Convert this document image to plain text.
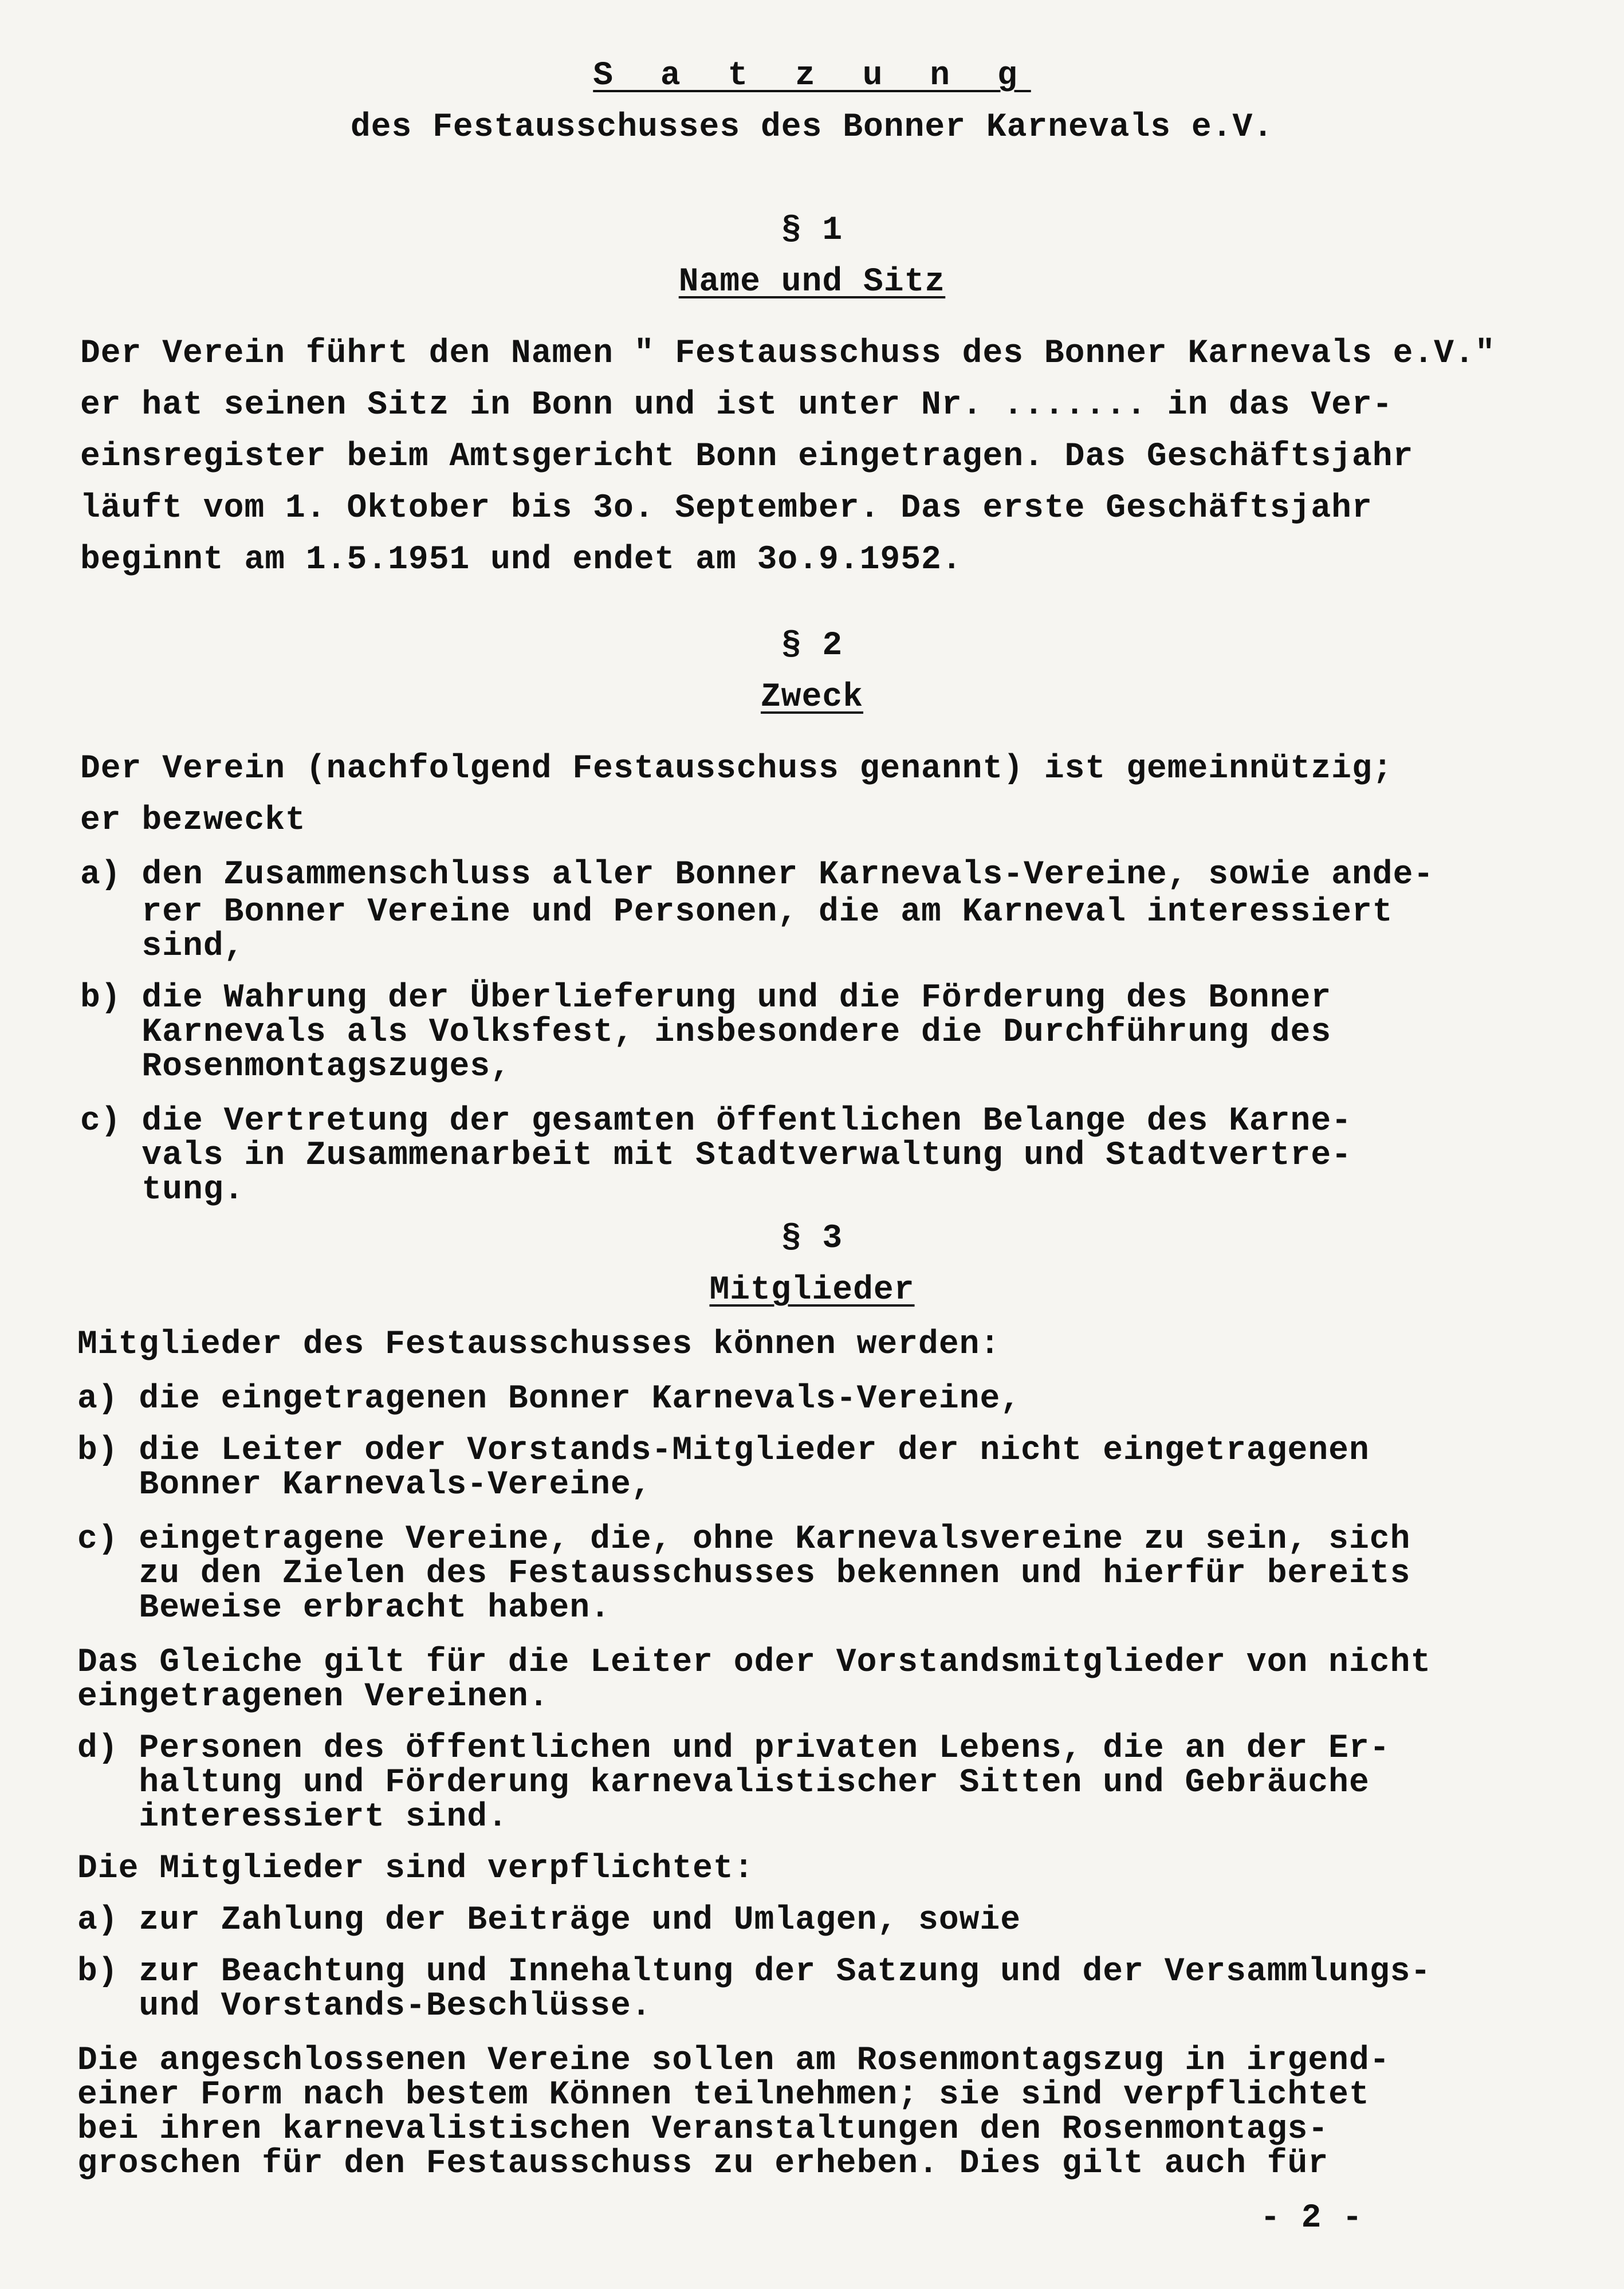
S a t z u n g
des Festausschusses des Bonner Karnevals e.V.
§ 1
Name und Sitz
Der Verein führt den Namen " Festausschuss des Bonner Karnevals e.V."
er hat seinen Sitz in Bonn und ist unter Nr. ....... in das Ver-
einsregister beim Amtsgericht Bonn eingetragen. Das Geschäftsjahr
läuft vom 1. Oktober bis 3o. September. Das erste Geschäftsjahr
beginnt am 1.5.1951 und endet am 3o.9.1952.
§ 2
Zweck
Der Verein (nachfolgend Festausschuss genannt) ist gemeinnützig;
er bezweckt
a) den Zusammenschluss aller Bonner Karnevals-Vereine, sowie ande-
rer Bonner Vereine und Personen, die am Karneval interessiert
sind,
b) die Wahrung der Überlieferung und die Förderung des Bonner
Karnevals als Volksfest, insbesondere die Durchführung des
Rosenmontagszuges,
c) die Vertretung der gesamten öffentlichen Belange des Karne-
vals in Zusammenarbeit mit Stadtverwaltung und Stadtvertre-
tung.
§ 3
Mitglieder
Mitglieder des Festausschusses können werden:
a) die eingetragenen Bonner Karnevals-Vereine,
b) die Leiter oder Vorstands-Mitglieder der nicht eingetragenen
Bonner Karnevals-Vereine,
c) eingetragene Vereine, die, ohne Karnevalsvereine zu sein, sich
zu den Zielen des Festausschusses bekennen und hierfür bereits
Beweise erbracht haben.
Das Gleiche gilt für die Leiter oder Vorstandsmitglieder von nicht
eingetragenen Vereinen.
d) Personen des öffentlichen und privaten Lebens, die an der Er-
haltung und Förderung karnevalistischer Sitten und Gebräuche
interessiert sind.
Die Mitglieder sind verpflichtet:
a) zur Zahlung der Beiträge und Umlagen, sowie
b) zur Beachtung und Innehaltung der Satzung und der Versammlungs-
und Vorstands-Beschlüsse.
Die angeschlossenen Vereine sollen am Rosenmontagszug in irgend-
einer Form nach bestem Können teilnehmen; sie sind verpflichtet
bei ihren karnevalistischen Veranstaltungen den Rosenmontags-
groschen für den Festausschuss zu erheben. Dies gilt auch für
- 2 -
